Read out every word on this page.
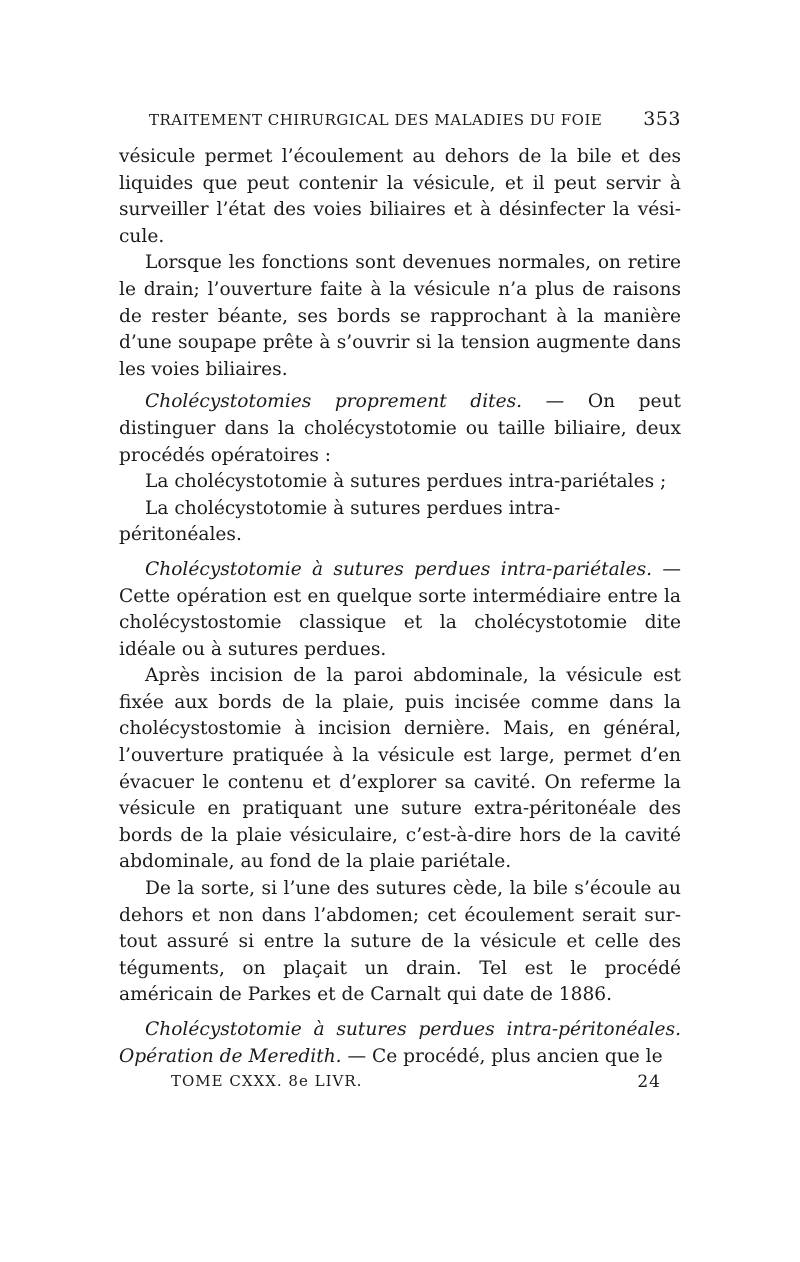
TRAITEMENT CHIRURGICAL DES MALADIES DU FOIE 353

vésicule permet l’écoulement au dehors de la bile et des liquides que peut contenir la vésicule, et il peut servir à surveiller l’état des voies biliaires et à désinfecter la vésicule.

Lorsque les fonctions sont devenues normales, on retire le drain; l’ouverture faite à la vésicule n’a plus de raisons de rester béante, ses bords se rapprochant à la manière d’une soupape prête à s’ouvrir si la tension augmente dans les voies biliaires.

Cholécystotomies proprement dites. — On peut distinguer dans la cholécystotomie ou taille biliaire, deux procédés opératoires :

La cholécystotomie à sutures perdues intra-pariétales ;

La cholécystotomie à sutures perdues intra-péritonéales.

Cholécystotomie à sutures perdues intra-pariétales. — Cette opération est en quelque sorte intermédiaire entre la cholécystostomie classique et la cholécystotomie dite idéale ou à sutures perdues.

Après incision de la paroi abdominale, la vésicule est fixée aux bords de la plaie, puis incisée comme dans la cholécystostomie à incision dernière. Mais, en général, l’ouverture pratiquée à la vésicule est large, permet d’en évacuer le contenu et d’explorer sa cavité. On referme la vésicule en pratiquant une suture extra-péritonéale des bords de la plaie vésiculaire, c’est-à-dire hors de la cavité abdominale, au fond de la plaie pariétale.

De la sorte, si l’une des sutures cède, la bile s’écoule au dehors et non dans l’abdomen; cet écoulement serait surtout assuré si entre la suture de la vésicule et celle des téguments, on plaçait un drain. Tel est le procédé américain de Parkes et de Carnalt qui date de 1886.

Cholécystotomie à sutures perdues intra-péritonéales. Opération de Meredith. — Ce procédé, plus ancien que le

TOME CXXX. 8e LIVR.	24
